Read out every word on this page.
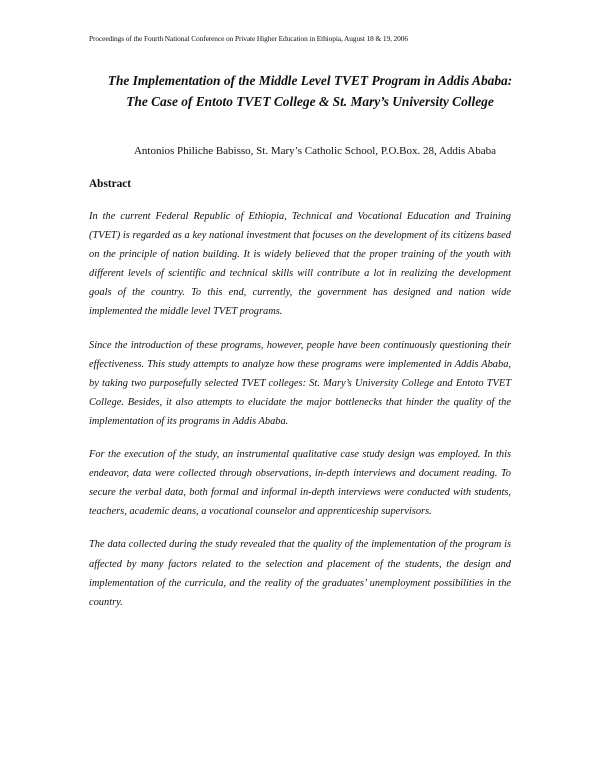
Proceedings of the Fourth National Conference on Private Higher Education in Ethiopia, August 18 & 19, 2006
The Implementation of the Middle Level TVET Program in Addis Ababa:
The Case of Entoto TVET College & St. Mary’s University College
Antonios Philiche Babisso, St. Mary’s Catholic School, P.O.Box. 28, Addis Ababa
Abstract

In the current Federal Republic of Ethiopia, Technical and Vocational Education and Training (TVET) is regarded as a key national investment that focuses on the development of its citizens based on the principle of nation building. It is widely believed that the proper training of the youth with different levels of scientific and technical skills will contribute a lot in realizing the development goals of the country. To this end, currently, the government has designed and nation wide implemented the middle level TVET programs.

Since the introduction of these programs, however, people have been continuously questioning their effectiveness. This study attempts to analyze how these programs were implemented in Addis Ababa, by taking two purposefully selected TVET colleges: St. Mary’s University College and Entoto TVET College. Besides, it also attempts to elucidate the major bottlenecks that hinder the quality of the implementation of its programs in Addis Ababa.

For the execution of the study, an instrumental qualitative case study design was employed. In this endeavor, data were collected through observations, in-depth interviews and document reading. To secure the verbal data, both formal and informal in-depth interviews were conducted with students, teachers, academic deans, a vocational counselor and apprenticeship supervisors.

The data collected during the study revealed that the quality of the implementation of the program is affected by many factors related to the selection and placement of the students, the design and implementation of the curricula, and the reality of the graduates’ unemployment possibilities in the country.
